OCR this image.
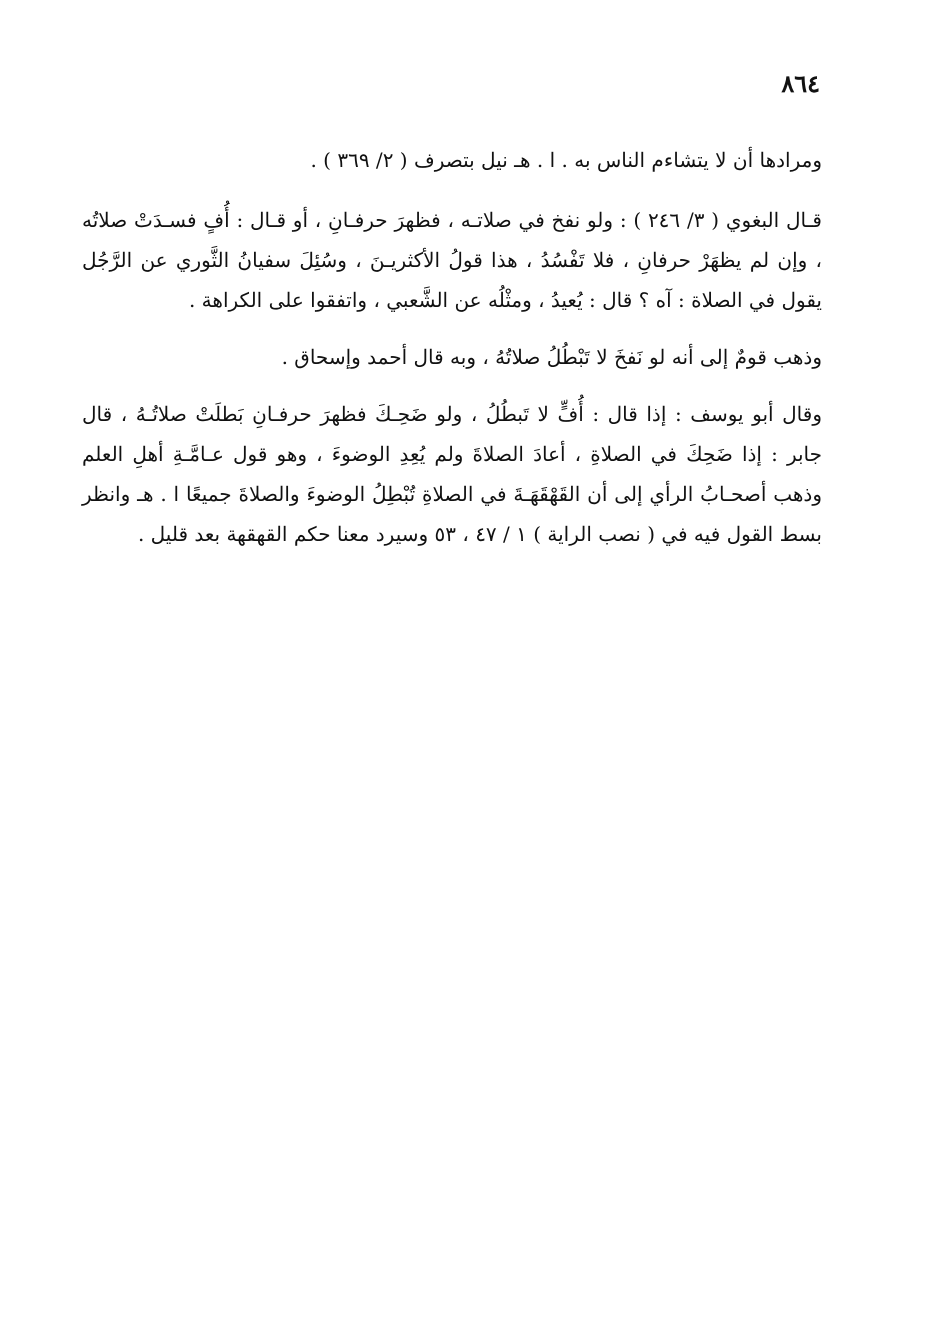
٨٦٤

ومرادها أن لا يتشاءم الناس به . ا . هـ نيل بتصرف ( ٢/ ٣٦٩ ) .

قـال البغوي ( ٣/ ٢٤٦ ) : ولو نفخ في صلاتـه ، فظهرَ حرفـانِ ، أو قـال : أُفٍ فسـدَتْ صلاتُه ، وإن لم يظهَرْ حرفانِ ، فلا تَفْسُدُ ، هذا قولُ الأكثريـنَ ، وسُئِلَ سفيانُ الثَّوري عن الرَّجُل يقول في الصلاة : آه ؟ قال : يُعيدُ ، ومثْلُه عن الشَّعبي ، واتفقوا على الكراهة .

وذهب قومٌ إلى أنه لو نَفخَ لا تَبْطُلُ صلاتُهُ ، وبه قال أحمد وإسحاق .

وقال أبو يوسف : إذا قال : أُفٍّ لا تَبطُلُ ، ولو ضَحِـكَ فظهرَ حرفـانِ بَطلَتْ صلاتُـهُ ، قال جابر : إذا ضَحِكَ في الصلاةِ ، أعادَ الصلاةَ ولم يُعِدِ الوضوءَ ، وهو قول عـامَّـةِ أهلِ العلم وذهب أصحـابُ الرأي إلى أن القَهْقَهَـةَ في الصلاةِ تُبْطِلُ الوضوءَ والصلاةَ جميعًا ا . هـ وانظر بسط القول فيه في ( نصب الراية ) ١ / ٤٧ ، ٥٣ وسيرد معنا حكم القهقهة بعد قليل .
